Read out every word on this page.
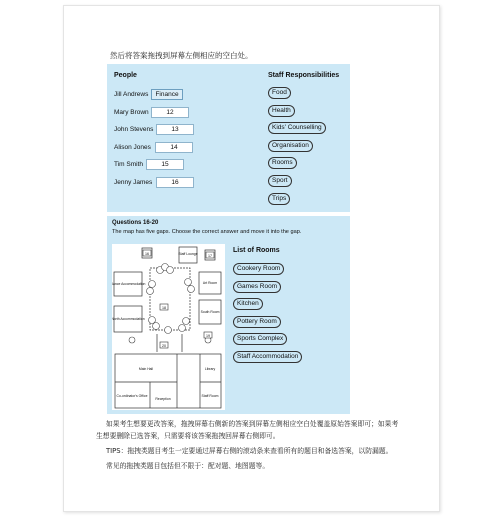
然后将答案拖拽到屏幕左侧相应的空白处。
People	Staff Responsibilities
Jill Andrews	Finance
Mary Brown	12
John Stevens	13
Alison Jones	14
Tim Smith	15
Jenny James	16
Food
Health
Kids' Counselling
Organisation
Rooms
Sport
Trips
Questions 16-20
The map has five gaps. Choose the correct answer and move it into the gap.
16	17
18
19
20
Staff Lounge
Dance Accommodation	Art Room
North Accommodation
South Room
Main Hall	Library
Co-ordinator's Office
Reception
Staff Room
List of Rooms
Cookery Room
Games Room
Kitchen
Pottery Room
Sports Complex
Staff Accommodation
如果考生想要更改答案，拖拽屏幕右侧新的答案到屏幕左侧相应空白处覆盖原始答案即可；如果考
生想要删除已选答案，只需要将该答案拖拽回屏幕右侧即可。
TIPS：拖拽类题目考生一定要通过屏幕右侧的滚动条来查看所有的题目和备选答案，以防漏题。
常见的拖拽类题目包括但不限于：配对题、地图题等。
